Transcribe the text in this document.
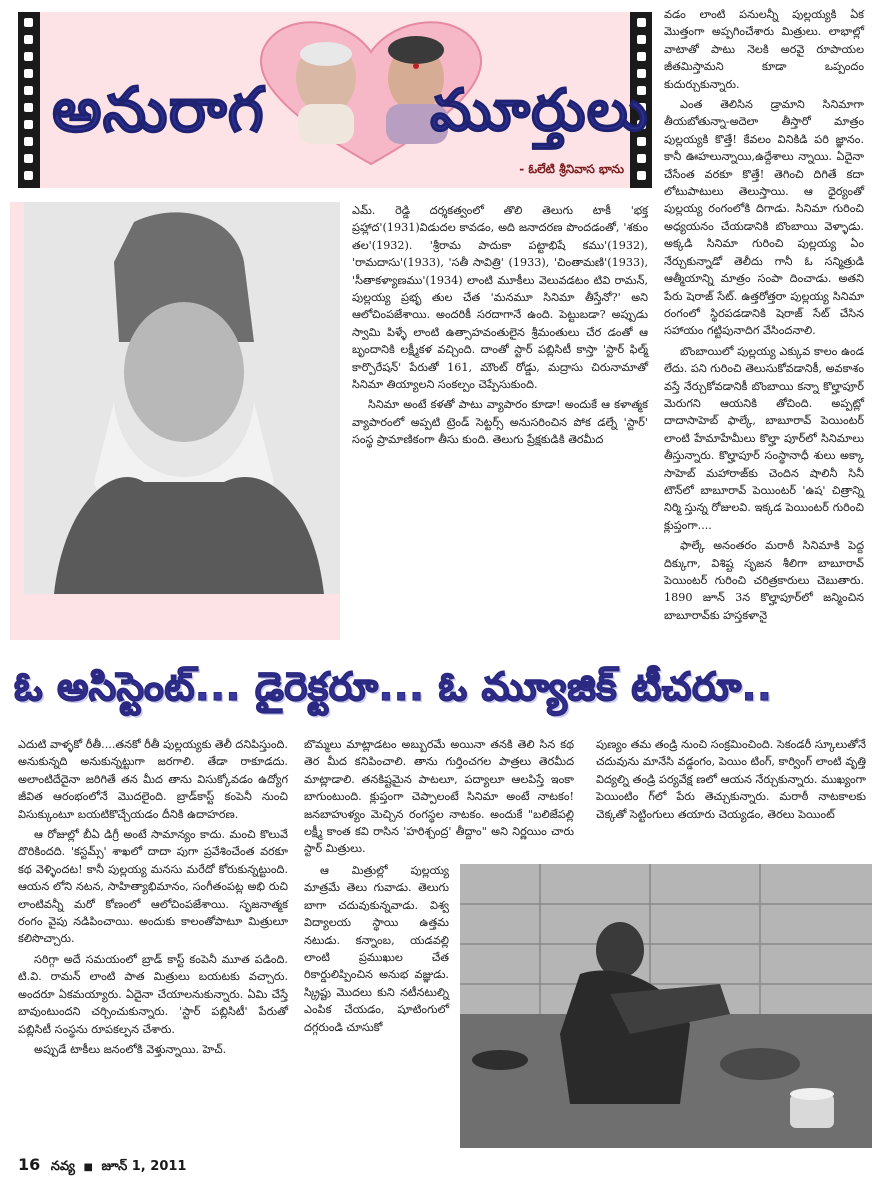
అనురాగ	మూర్తులు
- ఓలేటి శ్రీనివాస భాను

వడం లాంటి పనులన్నీ పుల్లయ్యకి ఏక మొత్తంగా అప్పగించేశారు మిత్రులు. లాభాల్లో వాటాతో పాటు నెలకి అరవై రూపాయల జీతమిస్తామని కూడా ఒప్పందం కుదుర్చుకున్నారు.

ఎంత తెలిసిన డ్రామాని సినిమాగా తీయబోతున్నా-అదెలా తీస్తారో మాత్రం పుల్లయ్యకి కొత్తే! కేవలం వినికిడి పరి జ్ఞానం. కానీ ఊహలున్నాయి,ఉద్దేశాలు న్నాయి. ఏదైనా చేసేంత వరకూ కొత్తే! తెగించి దిగితే కదా లోటుపాటులు తెలుస్తాయి. ఆ ధైర్యంతో పుల్లయ్య రంగంలోకి దిగాడు. సినిమా గురించి అధ్యయనం చేయడానికి బొంబాయి వెళ్ళాడు. అక్కడి సినిమా గురించి పుల్లయ్య ఏం నేర్చుకున్నాడో తెలీదు గానీ ఓ సన్మిత్రుడి ఆత్మీయాన్ని మాత్రం సంపా దించాడు. అతని పేరు షెరాజ్ సేట్. ఉత్తరోత్తరా పుల్లయ్య సినిమా రంగంలో స్థిరపడడానికి షెరాజ్ సేట్ చేసిన సహాయం గట్టిపునాదిగ వేసిందనాలి.

బొంబాయిలో పుల్లయ్య ఎక్కువ కాలం ఉండ లేదు. పని గురించి తెలుసుకోవడానికీ, అవకాశం వస్తే నేర్చుకోవడానికీ బొంబాయి కన్నా కొల్హాపూర్ మెరుగని ఆయనికి తోచింది. అప్పట్లో దాదాసాహెబ్ ఫాల్కే, బాబూరావ్ పెయింటర్ లాంటి హేమాహేమీలు కొల్హా పూర్‌లో సినిమాలు తీస్తున్నారు. కొల్హాపూర్ సంస్థానాధీ శులు అక్కా సాహెబ్ మహారాజ్‌కు చెందిన షాలినీ సినీ టౌన్‌లో బాబూరావ్ పెయింటర్ 'ఉష' చిత్రాన్ని నిర్మి స్తున్న రోజులవి. ఇక్కడ పెయింటర్ గురించి క్లుప్తంగా....

ఫాల్కే అనంతరం మరాఠీ సినిమాకి పెద్ద దిక్కుగా, విశిష్ట సృజన శీలిగా బాబూరావ్ పెయింటర్ గురించి చరిత్రకారులు చెబుతారు. 1890 జూన్ 3న కొల్హాపూర్‌లో జన్మించిన బాబూరావ్‌కు హస్తకళానై

ఎమ్. రెడ్డి దర్శకత్వంలో తొలి తెలుగు టాకీ 'భక్త ప్రహ్లాద'(1931)విడుదల కావడం, అది జనాదరణ పొందడంతో, 'శకుం తల'(1932). 'శ్రీరామ పాదుకా పట్టాభిషే కము'(1932), 'రామదాసు'(1933), 'సతీ సావిత్రి' (1933), 'చింతామణి'(1933), 'సీతాకళ్యాణము'(1934) లాంటి మూకీలు వెలువడటం టివి రామన్, పుల్లయ్య ప్రభృ తుల చేత 'మనమూ సినిమా తీస్తేనో?' అని ఆలోచింపజేశాయి. అందరికీ సరదాగానే ఉంది. పెట్టుబడా? అప్పుడు స్వామి పిళ్ళే లాంటి ఉత్సాహవంతులైన శ్రీమంతులు చేర డంతో ఆ బృందానికి లక్ష్మీకళ వచ్చింది. దాంతో స్టార్ పబ్లిసిటీ కాస్తా 'స్టార్ ఫిల్మ్ కార్పొరేషన్' పేరుతో 161, మౌంట్ రోడ్డు, మద్రాసు చిరునామాతో సినిమా తియ్యాలని సంకల్పం చెప్పేసుకుంది.

సినిమా అంటే కళతో పాటు వ్యాపారం కూడా! అందుకే ఆ కళాత్మక వ్యాపారంలో అప్పటి ట్రెండ్ సెట్టర్స్ అనుసరించిన పోక డల్నే 'స్టార్' సంస్థ ప్రామాణికంగా తీసు కుంది. తెలుగు ప్రేక్షకుడికి తెరమీద

ఓ అసిస్టెంట్... డైరెక్టరూ... ఓ మ్యూజిక్ టీచరూ..

ఎదుటి వాళ్ళకో రీతీ....తనకో రీతీ పుల్లయ్యకు తెలీ దనిపిస్తుంది. అనుకున్నది అనుకున్నట్టుగా జరగాలి. తేడా రాకూడదు. అలాంటిదేదైనా జరిగితే తన మీద తాను విసుక్కోవడం ఉద్యోగ జీవిత ఆరంభంలోనే మొదలైంది. బ్రాడ్‌కాస్ట్ కంపెనీ నుంచి విసుక్కుంటూ బయటికొచ్చేయడం దీనికి ఉదాహరణ.

ఆ రోజుల్లో బీఏ డిగ్రీ అంటే సామాన్యం కాదు. మంచి కొలువే దొరికిందది. 'కస్టమ్స్' శాఖలో దాదా పుగా ప్రవేశించేంత వరకూ కథ వెళ్ళిందట! కానీ పుల్లయ్య మనసు మరేదో కోరుకున్నట్టుంది. ఆయన లోని నటన, సాహిత్యాభిమానం, సంగీతంపట్ల అభి రుచి లాంటివన్నీ మరో కోణంలో ఆలోచింపజేశాయి. సృజనాత్మక రంగం వైపు నడిపించాయి. అందుకు కాలంతోపాటూ మిత్రులూ కలిసొచ్చారు.

సరిగ్గా అదే సమయంలో బ్రాడ్ కాస్ట్ కంపెనీ మూత పడింది. టి.వి. రామన్ లాంటి పాత మిత్రులు బయటకు వచ్చారు. అందరూ ఏకమయ్యారు. ఏదైనా చేయాలనుకున్నారు. ఏమి చేస్తే బావుంటుందని చర్చించుకున్నారు. 'స్టార్ పబ్లిసిటీ' పేరుతో పబ్లిసిటీ సంస్థను రూపకల్పన చేశారు.

అప్పుడే టాకీలు జనంలోకి వెళ్తున్నాయి. హెచ్.

బొమ్మలు మాట్లాడటం అబ్బురమే అయినా తనకి తెలి సిన కథ తెర మీద కనిపించాలి. తాను గుర్తించగల పాత్రలు తెరమీద మాట్లాడాలి. తనకిష్టమైన పాటలూ, పద్యాలూ ఆలపిస్తే ఇంకా బాగుంటుంది. క్లుప్తంగా చెప్పాలంటే సినిమా అంటే నాటకం! జనబాహుళ్యం మెచ్చిన రంగస్థల నాటకం. అందుకే "బలిజేపల్లి లక్ష్మీ కాంత కవి రాసిన 'హరిశ్చంద్ర' తీద్దాం" అని నిర్ణయిం చారు స్టార్ మిత్రులు.

ఆ మిత్రుల్లో పుల్లయ్య మాత్రమే తెలు గువాడు. తెలుగు బాగా చదువుకున్నవాడు. విశ్వ విద్యాలయ స్థాయి ఉత్తమ నటుడు. కన్నాంబ, యడవల్లి లాంటి ప్రముఖుల చేత రికార్డులిప్పించిన అనుభ వజ్ఞుడు. స్క్రిప్టు మొదలు కుని నటీనటుల్ని ఎంపిక చేయడం, షూటింగులో దగ్గరుండి చూసుకో

పుణ్యం తమ తండ్రి నుంచి సంక్రమించింది. సెకండరీ స్కూలుతోనే చదువును మానేసి వడ్డంగం, పెయిం టింగ్, కార్వింగ్ లాంటి వృత్తి విద్యల్ని తండ్రి పర్యవేక్ష ణలో ఆయన నేర్చుకున్నారు. ముఖ్యంగా పెయింటిం గ్‌లో పేరు తెచ్చుకున్నారు. మరాఠీ నాటకాలకు చెక్కతో సెట్టింగులు తయారు చెయ్యడం, తెరలు పెయింట్

16 నవ్య ■ జూన్ 1, 2011
